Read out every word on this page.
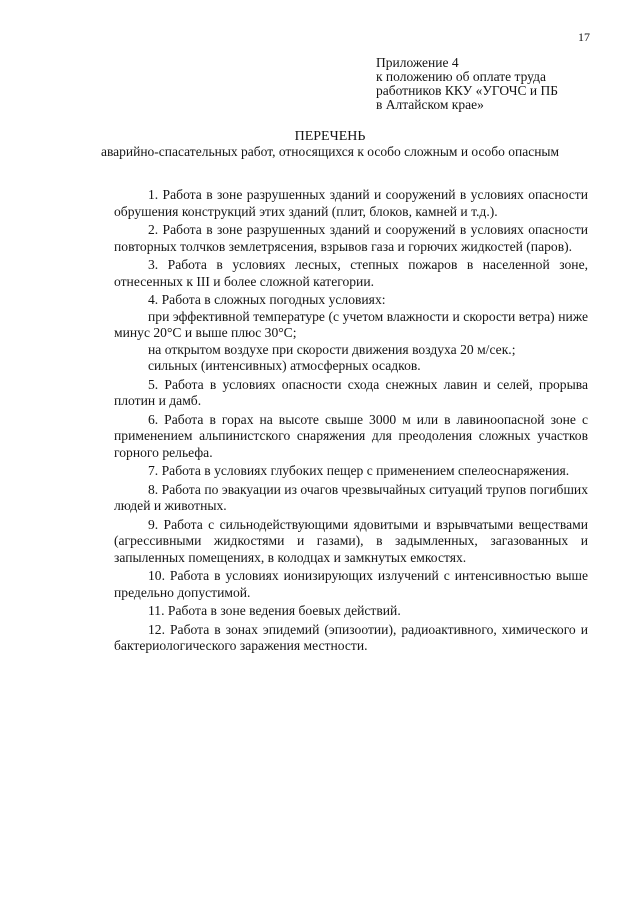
17
Приложение 4
к положению об оплате труда
работников ККУ «УГОЧС и ПБ
в Алтайском крае»
ПЕРЕЧЕНЬ
аварийно-спасательных работ, относящихся к особо сложным и особо опасным

1. Работа в зоне разрушенных зданий и сооружений в условиях опасности обрушения конструкций этих зданий (плит, блоков, камней и т.д.).

2. Работа в зоне разрушенных зданий и сооружений в условиях опасности повторных толчков землетрясения, взрывов газа и горючих жидкостей (паров).

3. Работа в условиях лесных, степных пожаров в населенной зоне, отнесенных к III и более сложной категории.

4. Работа в сложных погодных условиях:

при эффективной температуре (с учетом влажности и скорости ветра) ниже минус 20°С и выше плюс 30°С;

на открытом воздухе при скорости движения воздуха 20 м/сек.;

сильных (интенсивных) атмосферных осадков.

5. Работа в условиях опасности схода снежных лавин и селей, прорыва плотин и дамб.

6. Работа в горах на высоте свыше 3000 м или в лавиноопасной зоне с применением альпинистского снаряжения для преодоления сложных участков горного рельефа.

7. Работа в условиях глубоких пещер с применением спелеоснаряжения.

8. Работа по эвакуации из очагов чрезвычайных ситуаций трупов погибших людей и животных.

9. Работа с сильнодействующими ядовитыми и взрывчатыми веществами (агрессивными жидкостями и газами), в задымленных, загазованных и запыленных помещениях, в колодцах и замкнутых емкостях.

10. Работа в условиях ионизирующих излучений с интенсивностью выше предельно допустимой.

11. Работа в зоне ведения боевых действий.

12. Работа в зонах эпидемий (эпизоотии), радиоактивного, химического и бактериологического заражения местности.
